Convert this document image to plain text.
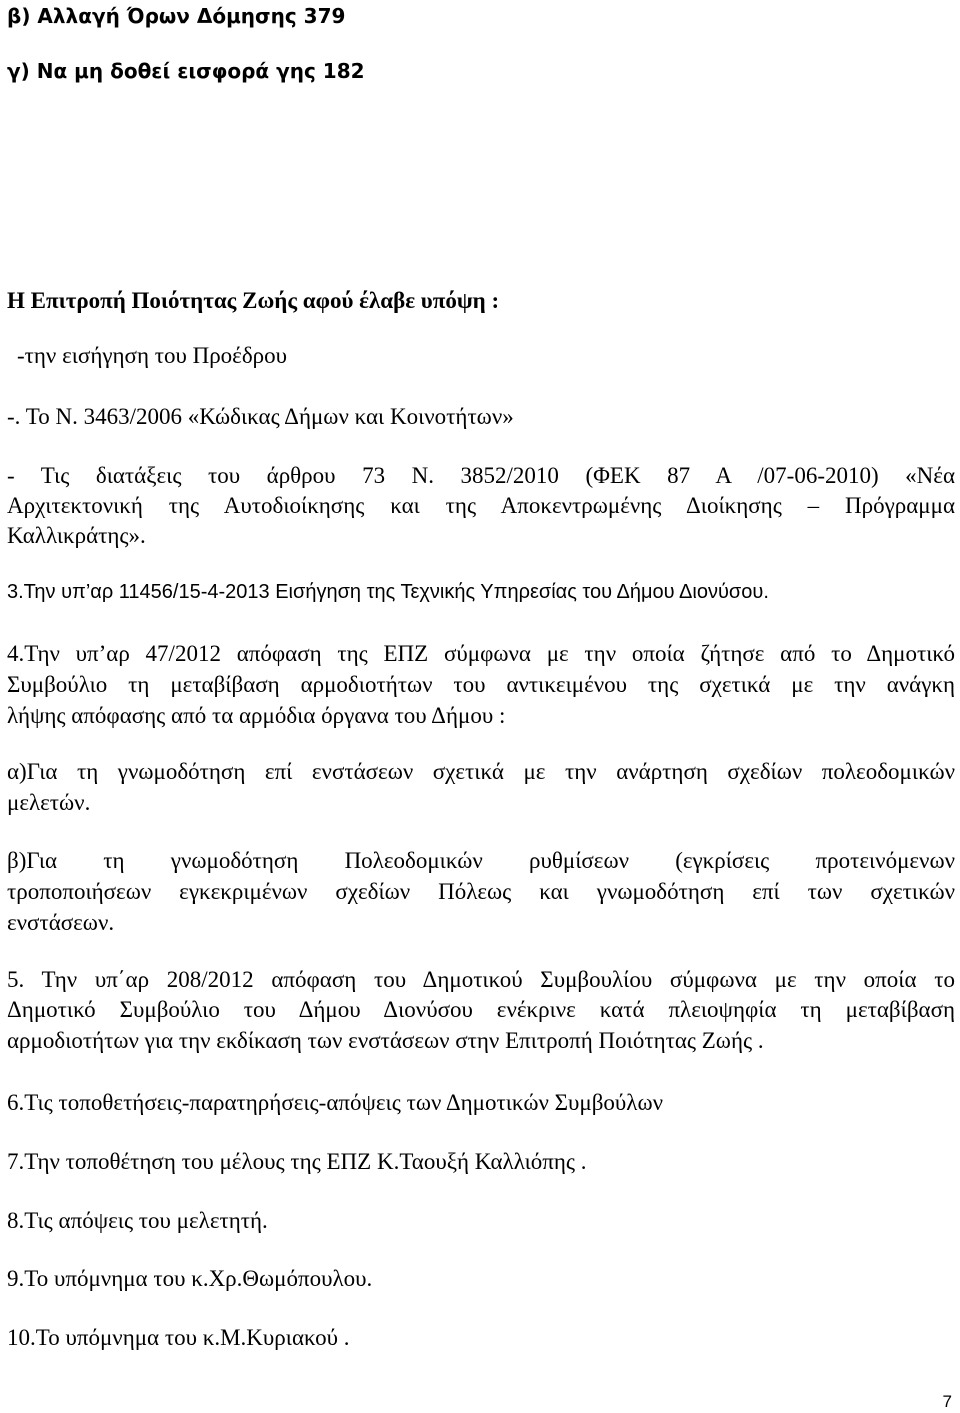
β) Αλλαγή Όρων Δόμησης 379
γ) Να μη δοθεί εισφορά γης 182
Η Επιτροπή Ποιότητας Ζωής αφού έλαβε υπόψη :
-την εισήγηση του Προέδρου
-. Το Ν. 3463/2006 «Κώδικας Δήμων και Κοινοτήτων»
- Τις διατάξεις του άρθρου 73 Ν. 3852/2010 (ΦΕΚ 87 Α /07-06-2010) «Νέα
Αρχιτεκτονική της Αυτοδιοίκησης και της Αποκεντρωμένης Διοίκησης – Πρόγραμμα
Καλλικράτης».
3.Την υπ’αρ 11456/15-4-2013 Εισήγηση της Τεχνικής Υπηρεσίας του Δήμου Διονύσου.
4.Την υπ’αρ 47/2012 απόφαση της ΕΠΖ σύμφωνα με την οποία ζήτησε από το Δημοτικό
Συμβούλιο τη μεταβίβαση αρμοδιοτήτων του αντικειμένου της σχετικά με την ανάγκη
λήψης απόφασης από τα αρμόδια όργανα του Δήμου :
α)Για τη γνωμοδότηση επί ενστάσεων σχετικά με την ανάρτηση σχεδίων πολεοδομικών
μελετών.
β)Για τη γνωμοδότηση Πολεοδομικών ρυθμίσεων (εγκρίσεις προτεινόμενων
τροποποιήσεων εγκεκριμένων σχεδίων Πόλεως και γνωμοδότηση επί των σχετικών
ενστάσεων.
5. Την υπ΄αρ 208/2012 απόφαση του Δημοτικού Συμβουλίου σύμφωνα με την οποία το
Δημοτικό Συμβούλιο του Δήμου Διονύσου ενέκρινε κατά πλειοψηφία τη μεταβίβαση
αρμοδιοτήτων για την εκδίκαση των ενστάσεων στην Επιτροπή Ποιότητας Ζωής .
6.Τις τοποθετήσεις-παρατηρήσεις-απόψεις των Δημοτικών Συμβούλων
7.Την τοποθέτηση του μέλους της ΕΠΖ Κ.Ταουξή Καλλιόπης .
8.Τις απόψεις του μελετητή.
9.Το υπόμνημα του κ.Χρ.Θωμόπουλου.
10.Το υπόμνημα του κ.Μ.Κυριακού .
7
